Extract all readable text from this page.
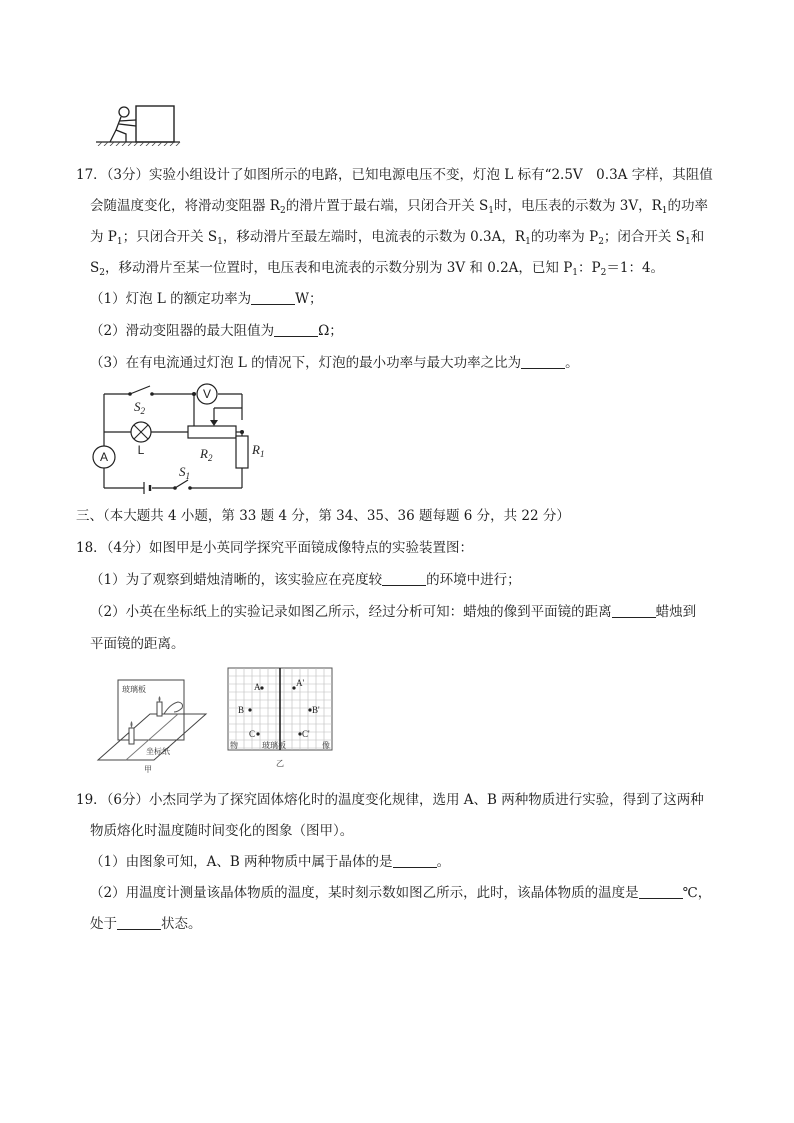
17．（3分）实验小组设计了如图所示的电路，已知电源电压不变，灯泡 L 标有“2.5V　0.3A 字样，其阻值
会随温度变化，将滑动变阻器 $R_2$的滑片置于最右端，只闭合开关 $S_1$时，电压表的示数为 3V，$R_1$的功率
为 $P_1$；只闭合开关 $S_1$，移动滑片至最左端时，电流表的示数为 0.3A，$R_1$的功率为 $P_2$；闭合开关 $S_1$和
$S_2$，移动滑片至某一位置时，电压表和电流表的示数分别为 3V 和 0.2A，已知 $P_1$：$P_2=1$：4。
（1）灯泡 L 的额定功率为	W；
（2）滑动变阻器的最大阻值为	Ω；
（3）在有电流通过灯泡 L 的情况下，灯泡的最小功率与最大功率之比为	。
$S_2$
$R_2$
$R_1$
$S_1$
V
A L
三、（本大题共 4 小题，第 33 题 4 分，第 34、35、36 题每题 6 分，共 22 分）
18．（4分）如图甲是小英同学探究平面镜成像特点的实验装置图：
（1）为了观察到蜡烛清晰的，该实验应在亮度较	的环境中进行；
（2）小英在坐标纸上的实验记录如图乙所示，经过分析可知：蜡烛的像到平面镜的距离	蜡烛到
平面镜的距离。
玻璃板
坐标纸
甲
A	A'
B	B'
C	C'
物	玻璃板	像
乙
19．（6分）小杰同学为了探究固体熔化时的温度变化规律，选用 A、B 两种物质进行实验，得到了这两种
物质熔化时温度随时间变化的图象（图甲）。
（1）由图象可知，A、B 两种物质中属于晶体的是	。
（2）用温度计测量该晶体物质的温度，某时刻示数如图乙所示，此时，该晶体物质的温度是	℃，
处于	状态。
